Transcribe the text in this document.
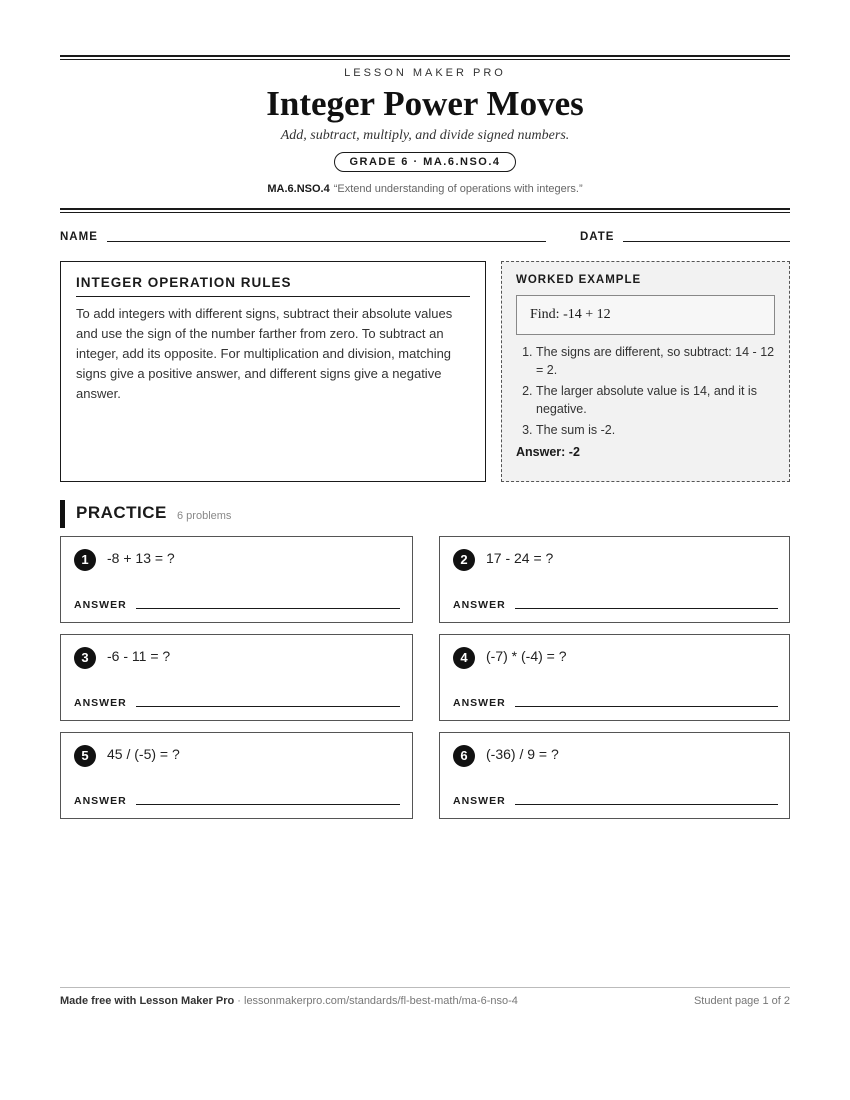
LESSON MAKER PRO
Integer Power Moves
Add, subtract, multiply, and divide signed numbers.
GRADE 6 · MA.6.NSO.4
MA.6.NSO.4 “Extend understanding of operations with integers.”
NAME	DATE
INTEGER OPERATION RULES
To add integers with different signs, subtract their absolute values and use the sign of the number farther from zero. To subtract an integer, add its opposite. For multiplication and division, matching signs give a positive answer, and different signs give a negative answer.
WORKED EXAMPLE
Find: -14 + 12
1. The signs are different, so subtract: 14 - 12 = 2.
2. The larger absolute value is 14, and it is negative.
3. The sum is -2.
Answer: -2
PRACTICE 6 problems
1	-8 + 13 = ?
ANSWER
2	17 - 24 = ?
ANSWER
3	-6 - 11 = ?
ANSWER
4	(-7) * (-4) = ?
ANSWER
5	45 / (-5) = ?
ANSWER
6	(-36) / 9 = ?
ANSWER
Made free with Lesson Maker Pro · lessonmakerpro.com/standards/fl-best-math/ma-6-nso-4	Student page 1 of 2
